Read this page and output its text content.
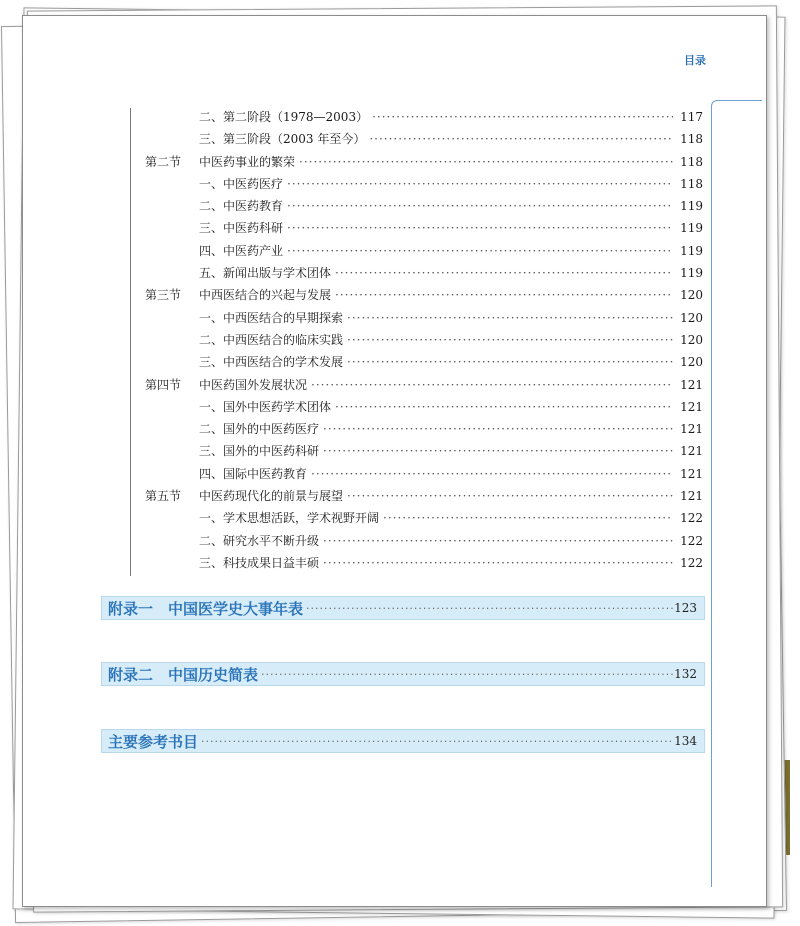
目录
二、第二阶段（1978—2003） ·····	117
三、第三阶段（2003 年至今） ·····	118
第二节 中医药事业的繁荣 ·····	118
一、中医药医疗 ·····	118
二、中医药教育 ·····	119
三、中医药科研 ·····	119
四、中医药产业 ·····	119
五、新闻出版与学术团体 ·····	119
第三节 中西医结合的兴起与发展 ·····	120
一、中西医结合的早期探索 ·····	120
二、中西医结合的临床实践 ·····	120
三、中西医结合的学术发展 ·····	120
第四节 中医药国外发展状况 ·····	121
一、国外中医药学术团体 ·····	121
二、国外的中医药医疗 ·····	121
三、国外的中医药科研 ·····	121
四、国际中医药教育 ·····	121
第五节 中医药现代化的前景与展望 ·····	121
一、学术思想活跃，学术视野开阔 ·····	122
二、研究水平不断升级 ·····	122
三、科技成果日益丰硕 ·····	122
附录一　中国医学史大事年表 ·····	123
附录二　中国历史简表 ·····	132
主要参考书目 ·····	134
